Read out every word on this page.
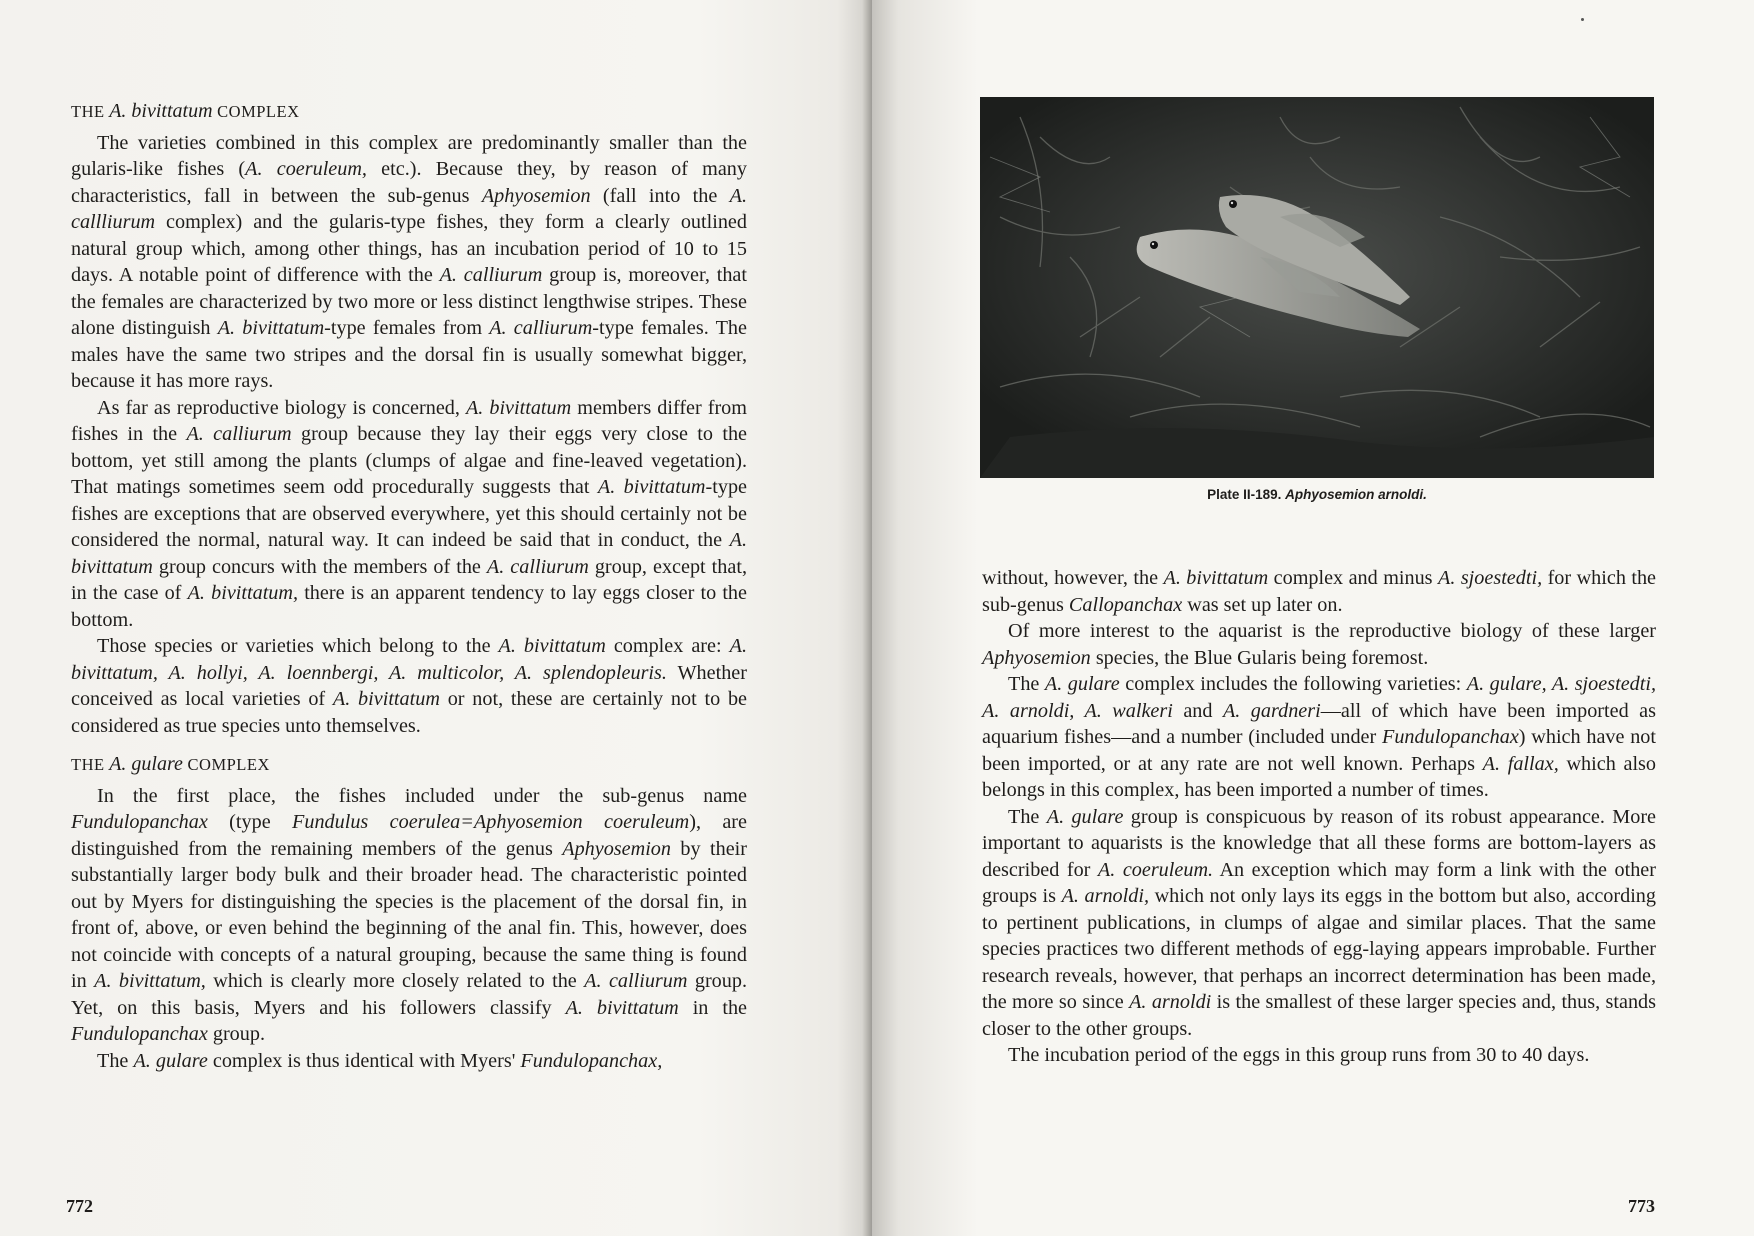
THE A. bivittatum COMPLEX

The varieties combined in this complex are predominantly smaller than the gularis-like fishes (A. coeruleum, etc.). Because they, by reason of many characteristics, fall in between the sub-genus Aphyosemion (fall into the A. callliurum complex) and the gularis-type fishes, they form a clearly outlined natural group which, among other things, has an incubation period of 10 to 15 days. A notable point of difference with the A. calliurum group is, moreover, that the females are characterized by two more or less distinct lengthwise stripes. These alone distinguish A. bivittatum-type females from A. calliurum-type females. The males have the same two stripes and the dorsal fin is usually somewhat bigger, because it has more rays.

As far as reproductive biology is concerned, A. bivittatum members differ from fishes in the A. calliurum group because they lay their eggs very close to the bottom, yet still among the plants (clumps of algae and fine-leaved vegetation). That matings sometimes seem odd procedurally suggests that A. bivittatum-type fishes are exceptions that are observed everywhere, yet this should certainly not be considered the normal, natural way. It can indeed be said that in conduct, the A. bivittatum group concurs with the members of the A. calliurum group, except that, in the case of A. bivittatum, there is an apparent tendency to lay eggs closer to the bottom.

Those species or varieties which belong to the A. bivittatum complex are: A. bivittatum, A. hollyi, A. loennbergi, A. multicolor, A. splendopleuris. Whether conceived as local varieties of A. bivittatum or not, these are certainly not to be considered as true species unto themselves.

THE A. gulare COMPLEX

In the first place, the fishes included under the sub-genus name Fundulopanchax (type Fundulus coerulea=Aphyosemion coeruleum), are distinguished from the remaining members of the genus Aphyosemion by their substantially larger body bulk and their broader head. The characteristic pointed out by Myers for distinguishing the species is the placement of the dorsal fin, in front of, above, or even behind the beginning of the anal fin. This, however, does not coincide with concepts of a natural grouping, because the same thing is found in A. bivittatum, which is clearly more closely related to the A. calliurum group. Yet, on this basis, Myers and his followers classify A. bivittatum in the Fundulopanchax group.

The A. gulare complex is thus identical with Myers' Fundulopanchax,

772
Plate II-189. Aphyosemion arnoldi.

without, however, the A. bivittatum complex and minus A. sjoestedti, for which the sub-genus Callopanchax was set up later on.

Of more interest to the aquarist is the reproductive biology of these larger Aphyosemion species, the Blue Gularis being foremost.

The A. gulare complex includes the following varieties: A. gulare, A. sjoestedti, A. arnoldi, A. walkeri and A. gardneri—all of which have been imported as aquarium fishes—and a number (included under Fundulopanchax) which have not been imported, or at any rate are not well known. Perhaps A. fallax, which also belongs in this complex, has been imported a number of times.

The A. gulare group is conspicuous by reason of its robust appearance. More important to aquarists is the knowledge that all these forms are bottom-layers as described for A. coeruleum. An exception which may form a link with the other groups is A. arnoldi, which not only lays its eggs in the bottom but also, according to pertinent publications, in clumps of algae and similar places. That the same species practices two different methods of egg-laying appears improbable. Further research reveals, however, that perhaps an incorrect determination has been made, the more so since A. arnoldi is the smallest of these larger species and, thus, stands closer to the other groups.

The incubation period of the eggs in this group runs from 30 to 40 days.

773
